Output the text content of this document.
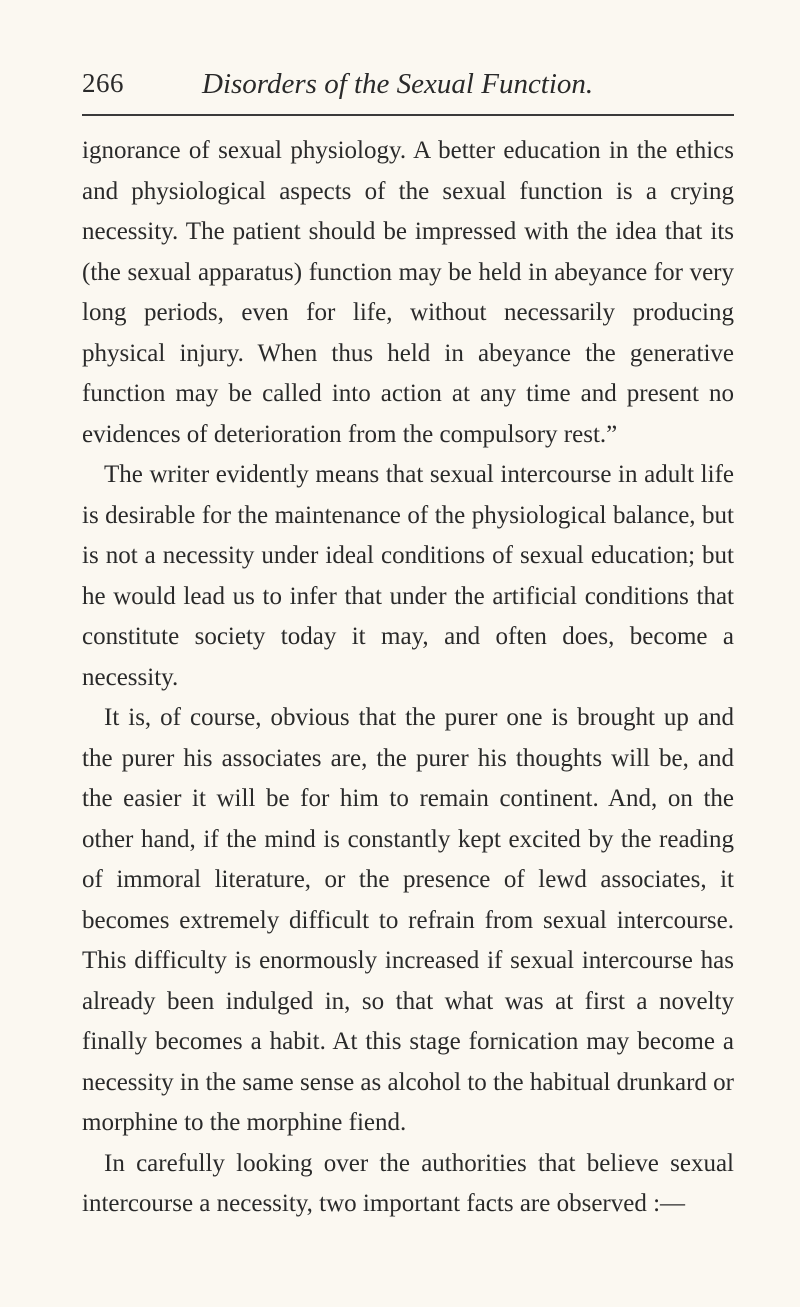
266	Disorders of the Sexual Function.

ignorance of sexual physiology. A better education in the ethics and physiological aspects of the sexual function is a crying necessity. The patient should be impressed with the idea that its (the sexual apparatus) function may be held in abeyance for very long periods, even for life, without necessarily producing physical injury. When thus held in abeyance the generative function may be called into action at any time and present no evidences of deterioration from the compulsory rest.”

The writer evidently means that sexual intercourse in adult life is desirable for the maintenance of the physiological balance, but is not a necessity under ideal conditions of sexual education; but he would lead us to infer that under the artificial conditions that constitute society today it may, and often does, become a necessity.

It is, of course, obvious that the purer one is brought up and the purer his associates are, the purer his thoughts will be, and the easier it will be for him to remain continent. And, on the other hand, if the mind is constantly kept excited by the reading of immoral literature, or the presence of lewd associates, it becomes extremely difficult to refrain from sexual intercourse. This difficulty is enormously increased if sexual intercourse has already been indulged in, so that what was at first a novelty finally becomes a habit. At this stage fornication may become a necessity in the same sense as alcohol to the habitual drunkard or morphine to the morphine fiend.

In carefully looking over the authorities that believe sexual intercourse a necessity, two important facts are observed :—
